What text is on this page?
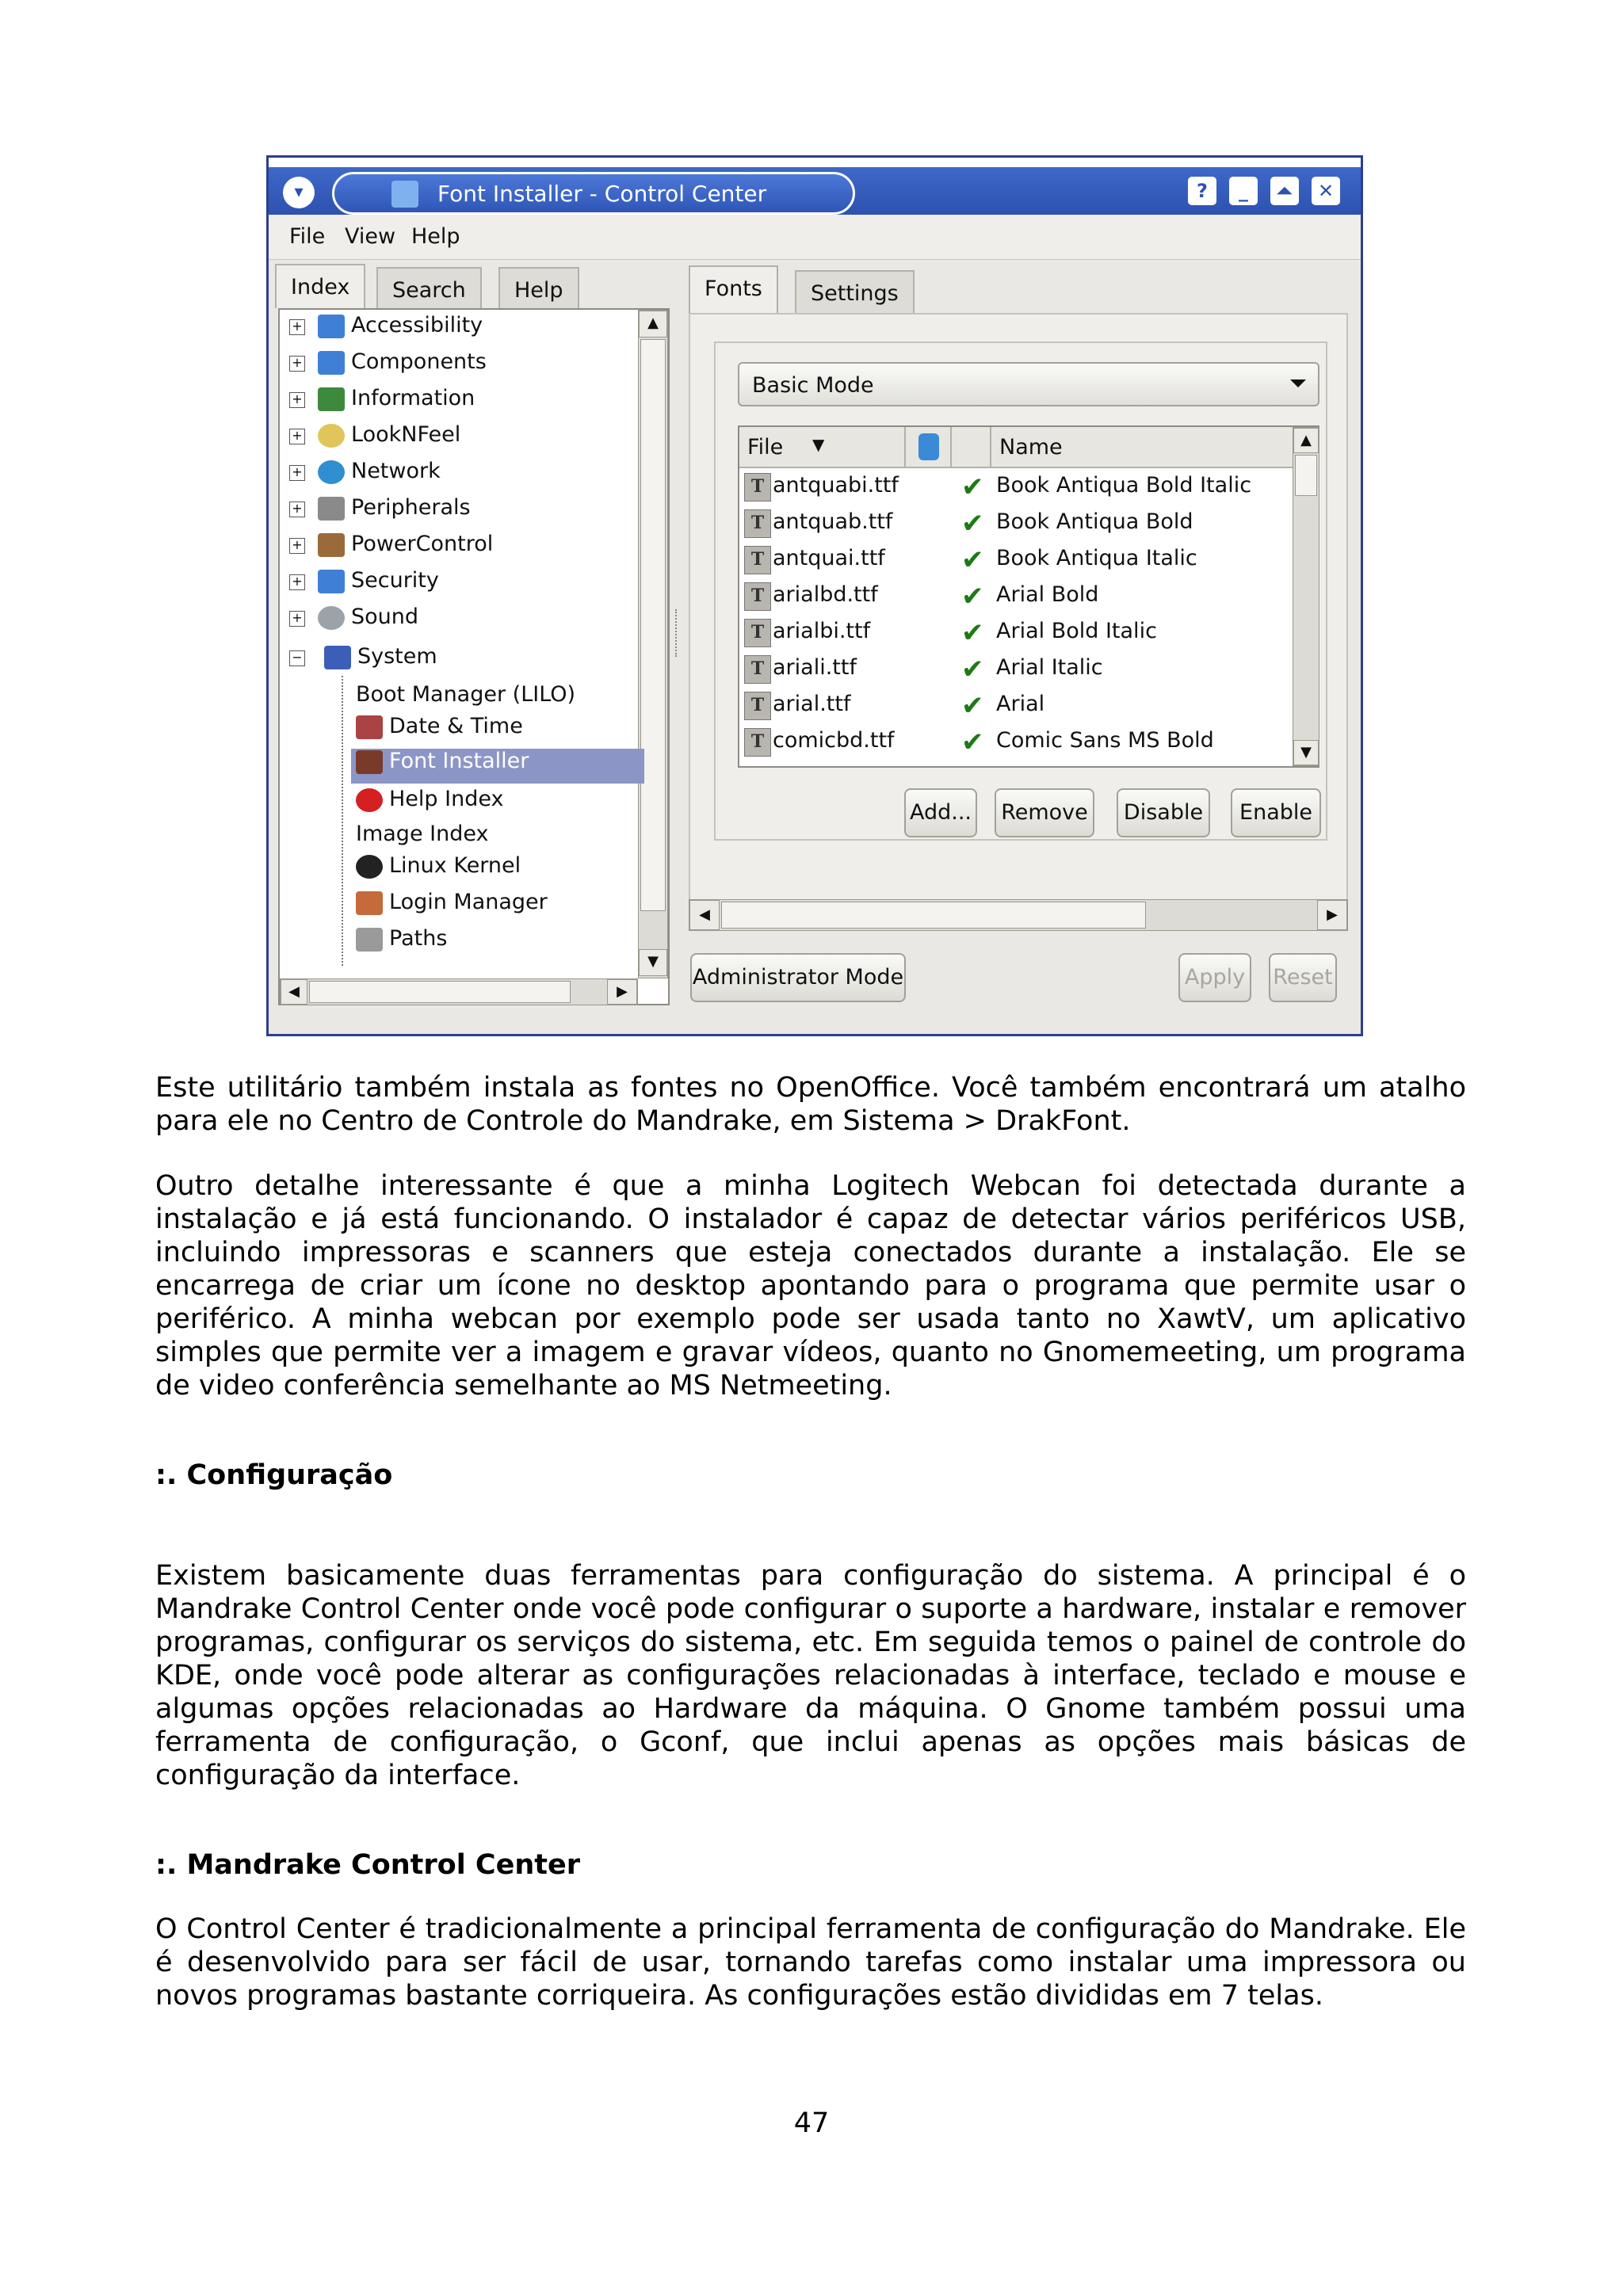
▾	Font Installer - Control Center	?	_	⏶	✕
File View Help
Index	Search	Help
▲
▼
◀	▶
+	Accessibility
+	Components
+	Information
+	LookNFeel
+	Network
+	Peripherals
+	PowerControl
+	Security
+	Sound
−	System
Boot Manager (LILO)
Date & Time
Font Installer
Help Index
Image Index
Linux Kernel
Login Manager
Paths
Fonts	Settings
Basic Mode	⏷
File ▼	Name	▲
▼
T antquabi.ttf ✔ Book Antiqua Bold Italic
T antquab.ttf	✔ Book Antiqua Bold
T antquai.ttf	✔ Book Antiqua Italic
T arialbd.ttf	✔ Arial Bold
T arialbi.ttf	✔ Arial Bold Italic
T ariali.ttf	✔ Arial Italic
T arial.ttf	✔ Arial
T comicbd.ttf ✔ Comic Sans MS Bold
Add...	Remove	Disable	Enable
◀	▶
Administrator Mode	Apply Reset

Este utilitário também instala as fontes no OpenOffice. Você também encontrará um atalho para ele no Centro de Controle do Mandrake, em Sistema > DrakFont.

Outro detalhe interessante é que a minha Logitech Webcan foi detectada durante a instalação e já está funcionando. O instalador é capaz de detectar vários periféricos USB, incluindo impressoras e scanners que esteja conectados durante a instalação. Ele se encarrega de criar um ícone no desktop apontando para o programa que permite usar o periférico. A minha webcan por exemplo pode ser usada tanto no XawtV, um aplicativo simples que permite ver a imagem e gravar vídeos, quanto no Gnomemeeting, um programa de video conferência semelhante ao MS Netmeeting.

:. Configuração

Existem basicamente duas ferramentas para configuração do sistema. A principal é o Mandrake Control Center onde você pode configurar o suporte a hardware, instalar e remover programas, configurar os serviços do sistema, etc. Em seguida temos o painel de controle do KDE, onde você pode alterar as configurações relacionadas à interface, teclado e mouse e algumas opções relacionadas ao Hardware da máquina. O Gnome também possui uma ferramenta de configuração, o Gconf, que inclui apenas as opções mais básicas de configuração da interface.

:. Mandrake Control Center

O Control Center é tradicionalmente a principal ferramenta de configuração do Mandrake. Ele é desenvolvido para ser fácil de usar, tornando tarefas como instalar uma impressora ou novos programas bastante corriqueira. As configurações estão divididas em 7 telas.

47
